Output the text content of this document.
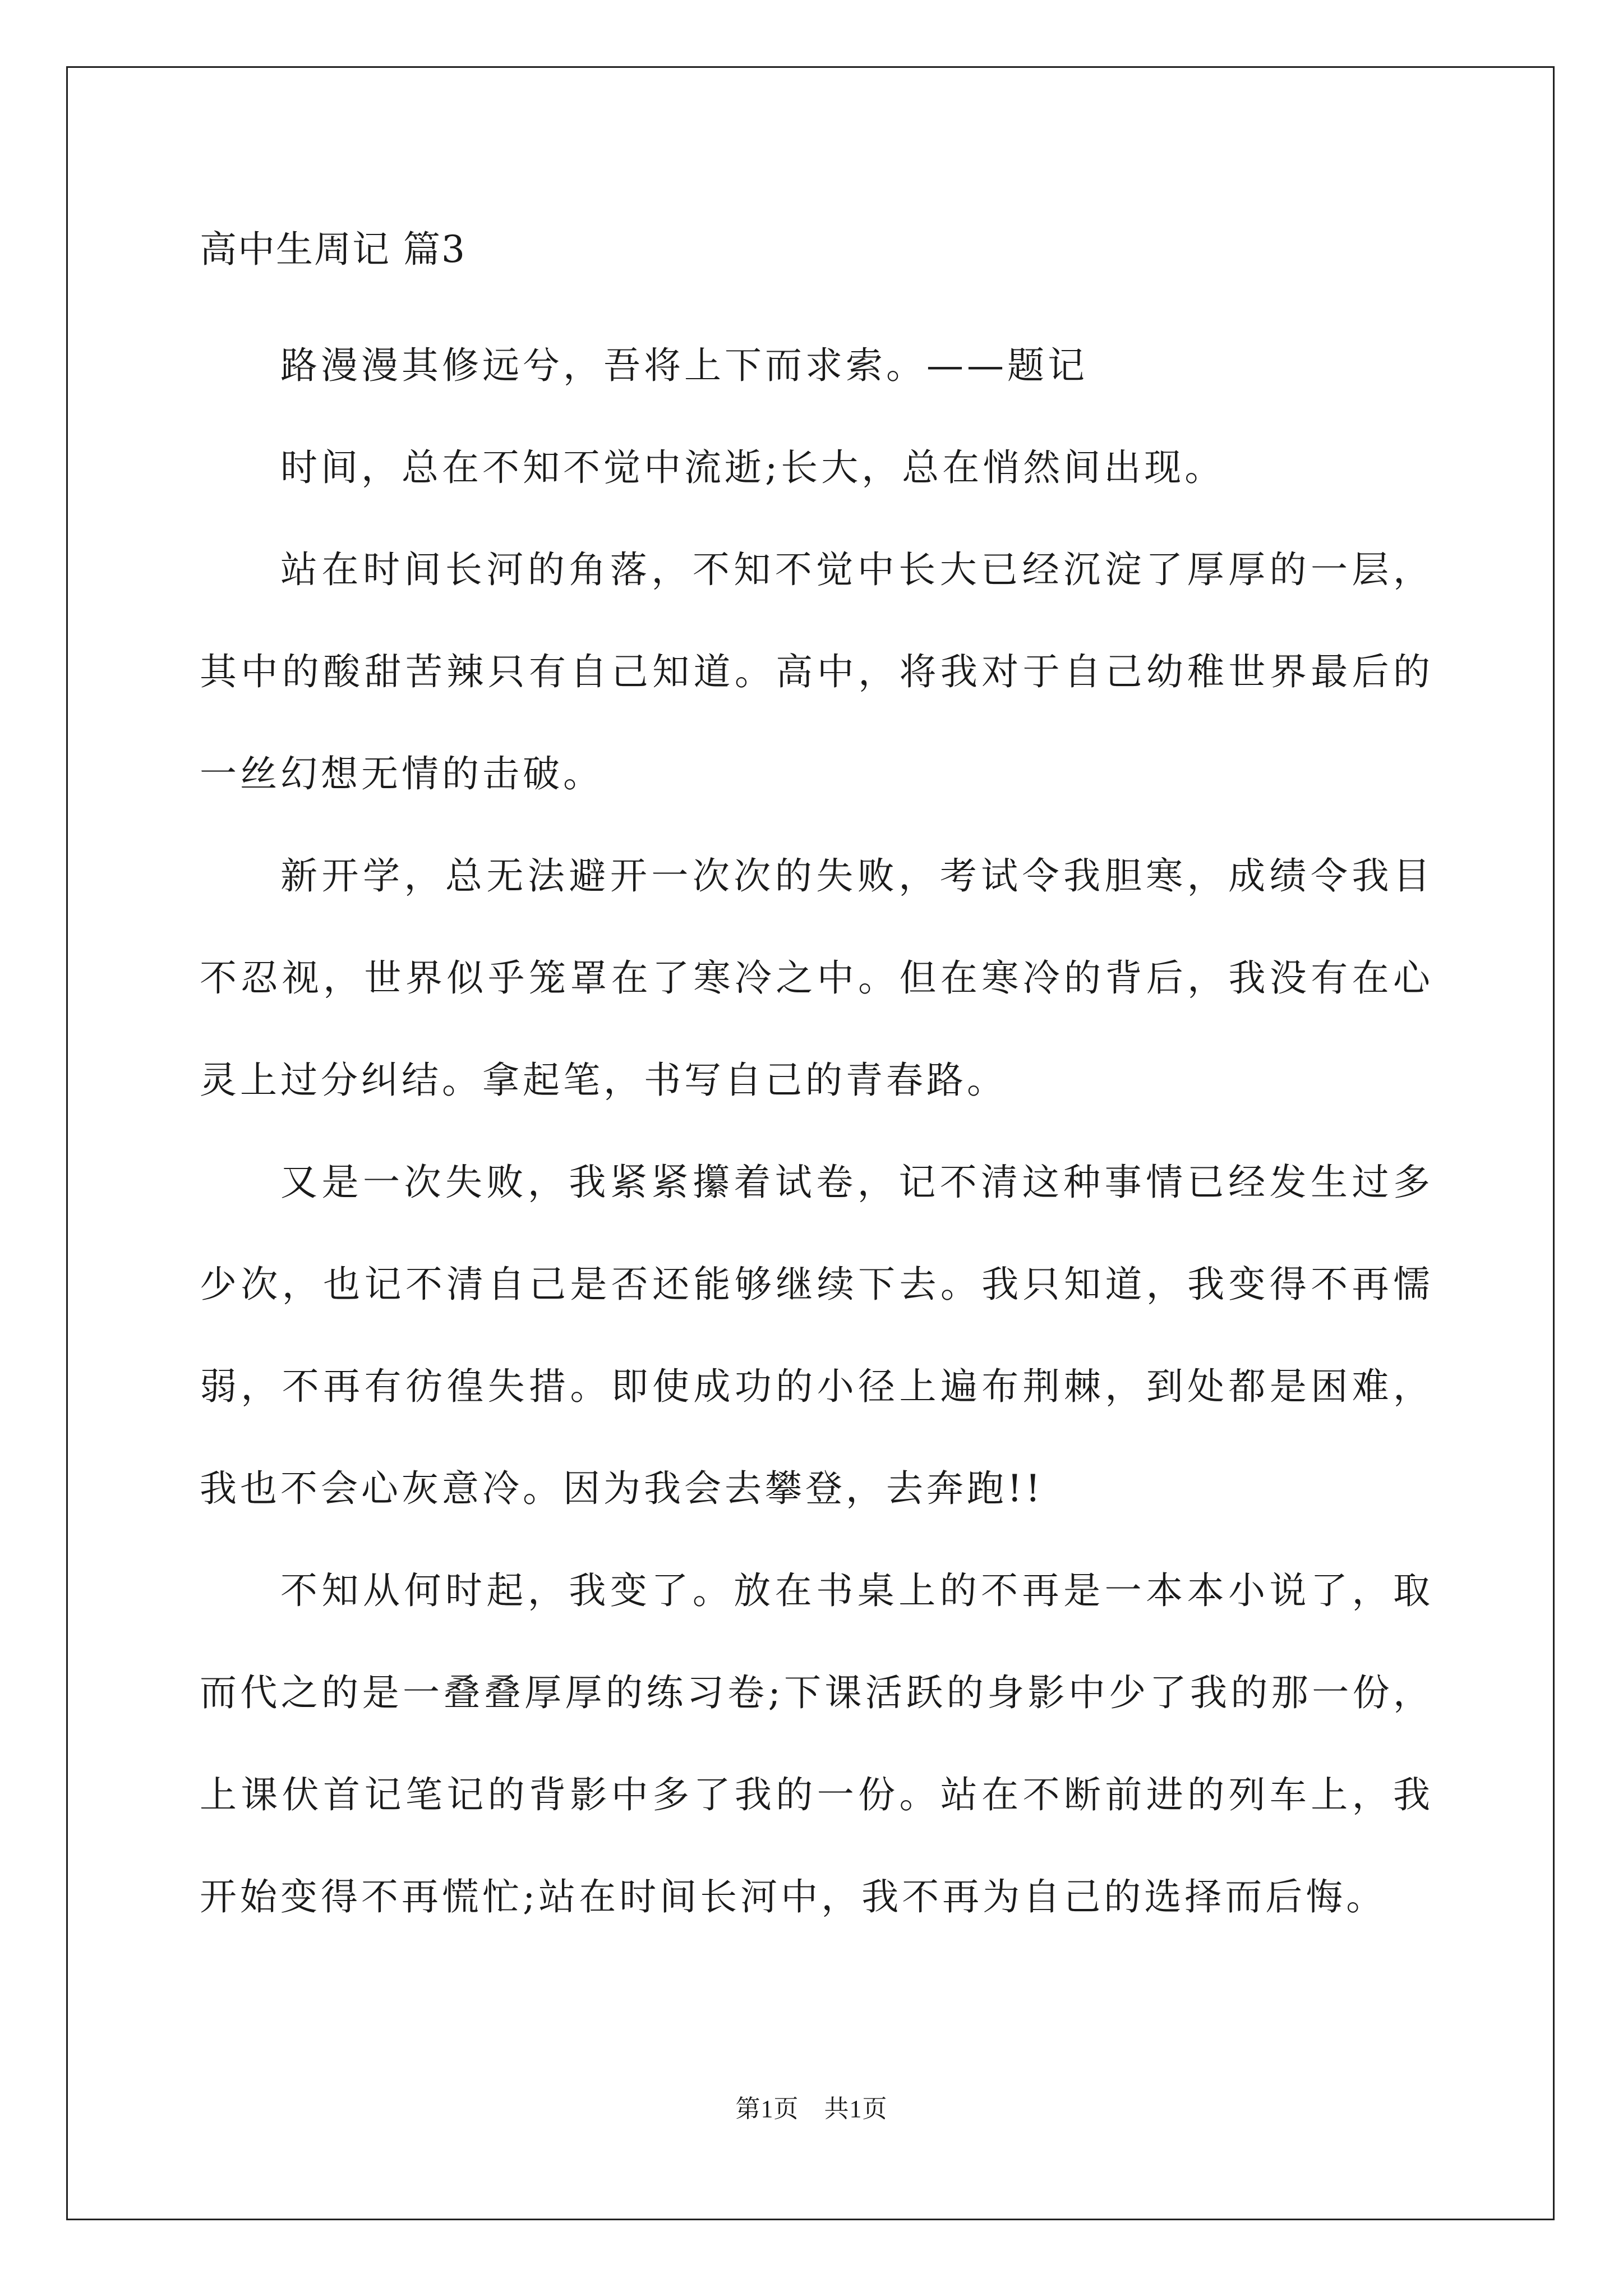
高中生周记 篇3

路漫漫其修远兮，吾将上下而求索。——题记

时间，总在不知不觉中流逝;长大，总在悄然间出现。

站在时间长河的角落，不知不觉中长大已经沉淀了厚厚的一层，其中的酸甜苦辣只有自己知道。高中，将我对于自己幼稚世界最后的一丝幻想无情的击破。

新开学，总无法避开一次次的失败，考试令我胆寒，成绩令我目不忍视，世界似乎笼罩在了寒冷之中。但在寒冷的背后，我没有在心灵上过分纠结。拿起笔，书写自己的青春路。

又是一次失败，我紧紧攥着试卷，记不清这种事情已经发生过多少次，也记不清自己是否还能够继续下去。我只知道，我变得不再懦弱，不再有彷徨失措。即使成功的小径上遍布荆棘，到处都是困难，我也不会心灰意冷。因为我会去攀登，去奔跑!!

不知从何时起，我变了。放在书桌上的不再是一本本小说了，取而代之的是一叠叠厚厚的练习卷;下课活跃的身影中少了我的那一份，上课伏首记笔记的背影中多了我的一份。站在不断前进的列车上，我开始变得不再慌忙;站在时间长河中，我不再为自己的选择而后悔。

第1页　共1页
